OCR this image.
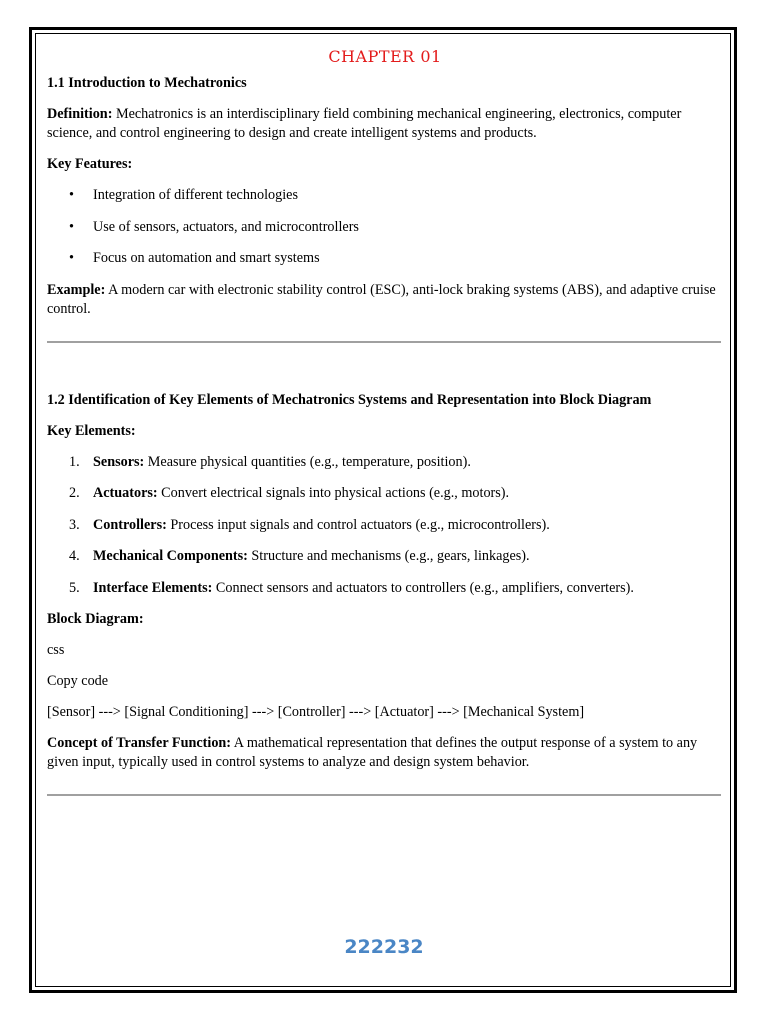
CHAPTER 01

1.1 Introduction to Mechatronics

Definition: Mechatronics is an interdisciplinary field combining mechanical engineering, electronics, computer science, and control engineering to design and create intelligent systems and products.

Key Features:

• Integration of different technologies
• Use of sensors, actuators, and microcontrollers
• Focus on automation and smart systems

Example: A modern car with electronic stability control (ESC), anti-lock braking systems (ABS), and adaptive cruise control.

1.2 Identification of Key Elements of Mechatronics Systems and Representation into Block Diagram

Key Elements:

1. Sensors: Measure physical quantities (e.g., temperature, position).
2. Actuators: Convert electrical signals into physical actions (e.g., motors).
3. Controllers: Process input signals and control actuators (e.g., microcontrollers).
4. Mechanical Components: Structure and mechanisms (e.g., gears, linkages).
5. Interface Elements: Connect sensors and actuators to controllers (e.g., amplifiers, converters).

Block Diagram:

css

Copy code

[Sensor] ---> [Signal Conditioning] ---> [Controller] ---> [Actuator] ---> [Mechanical System]

Concept of Transfer Function: A mathematical representation that defines the output response of a system to any given input, typically used in control systems to analyze and design system behavior.

222232
